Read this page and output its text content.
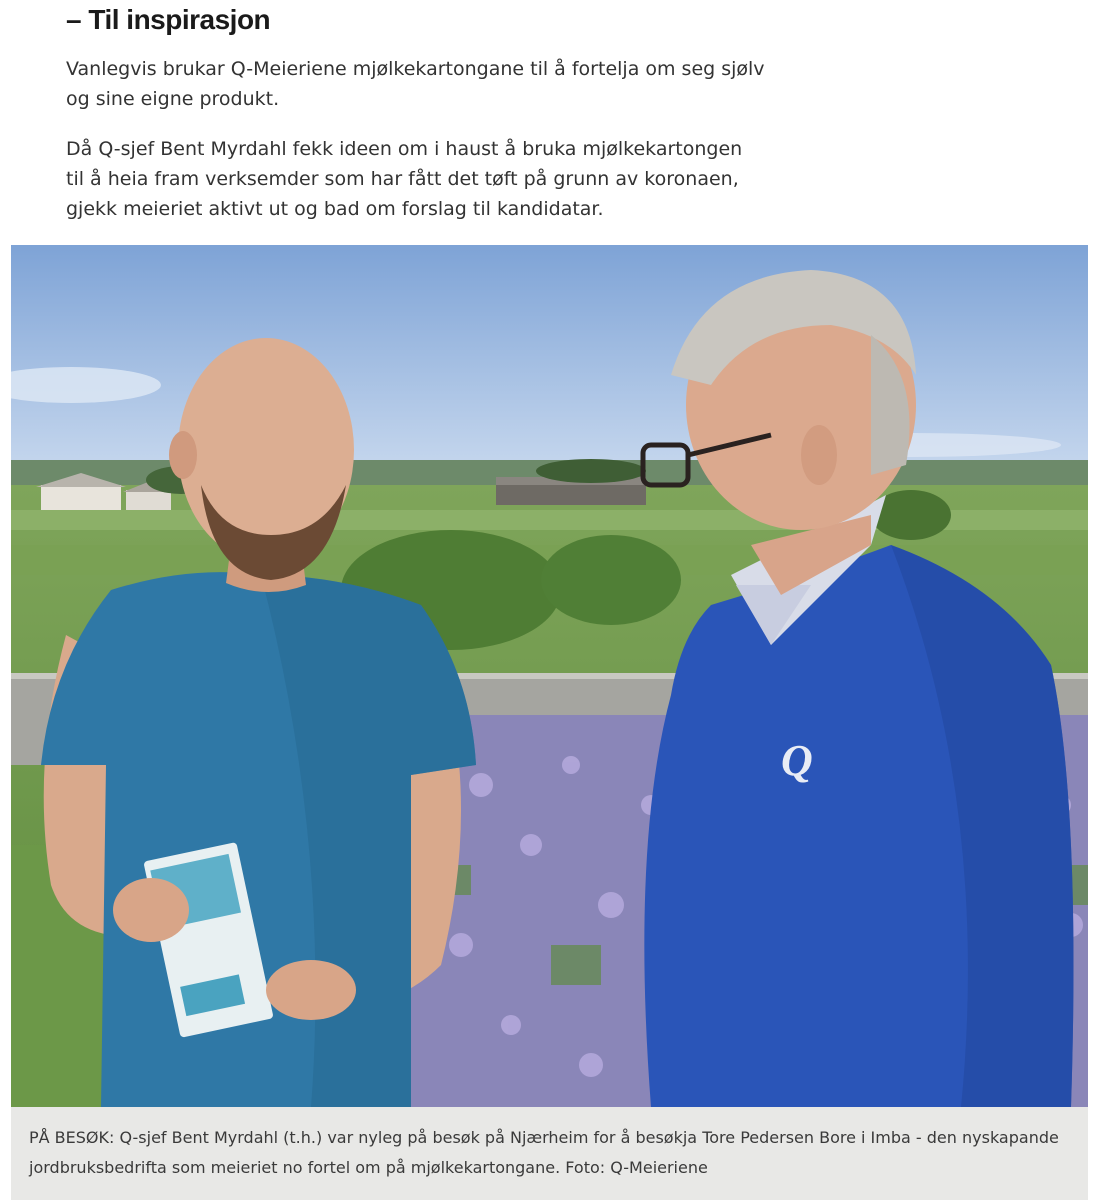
– Til inspirasjon

Vanlegvis brukar Q-Meieriene mjølkekartongane til å fortelja om seg sjølv og sine eigne produkt.

Då Q-sjef Bent Myrdahl fekk ideen om i haust å bruka mjølkekartongen til å heia fram verksemder som har fått det tøft på grunn av koronaen, gjekk meieriet aktivt ut og bad om forslag til kandidatar.

Q

PÅ BESØK: Q-sjef Bent Myrdahl (t.h.) var nyleg på besøk på Njærheim for å besøkja Tore Pedersen Bore i Imba - den nyskapande jordbruksbedrifta som meieriet no fortel om på mjølkekartongane. Foto: Q-Meieriene
